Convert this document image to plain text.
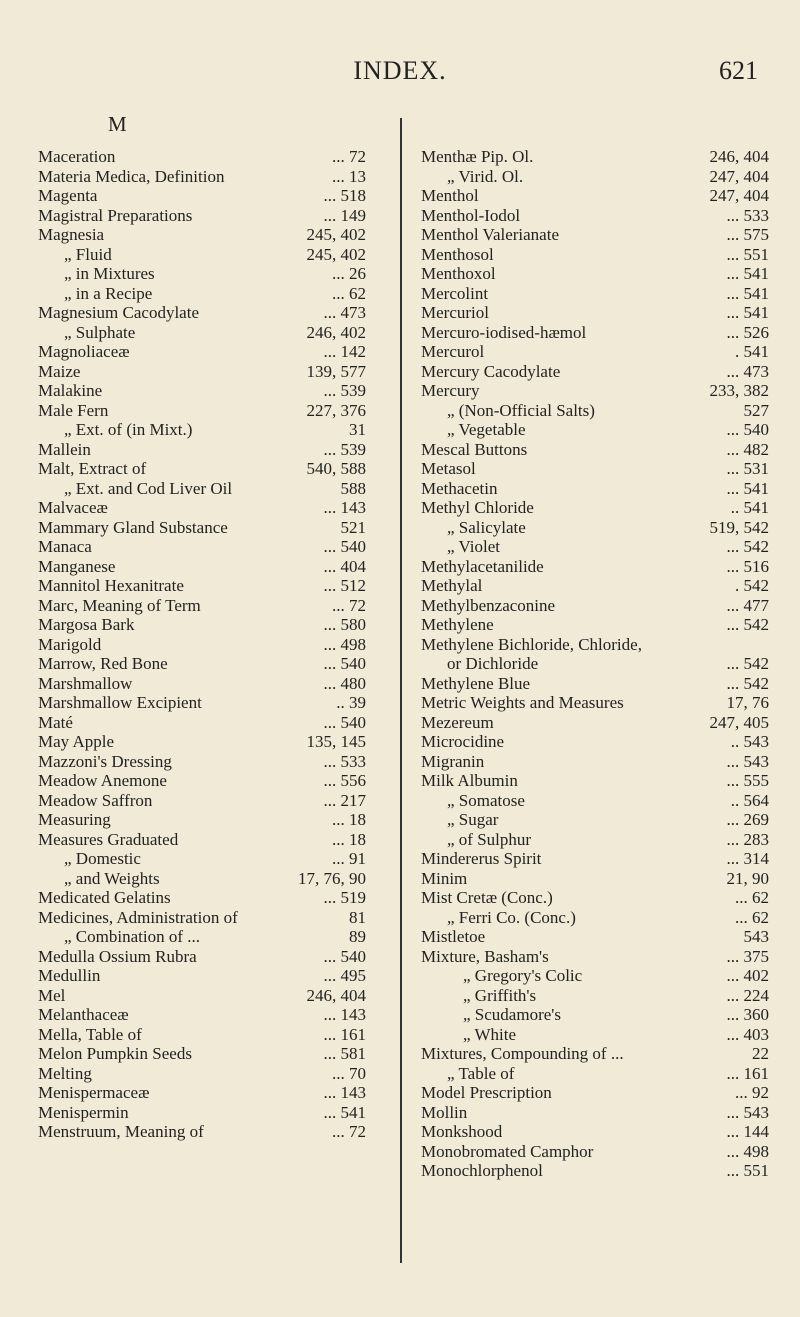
INDEX.	621
M
Maceration	... 72
Materia Medica, Definition	... 13
Magenta	... 518
Magistral Preparations	... 149
Magnesia	245, 402
„ Fluid	245, 402
„ in Mixtures	... 26
„ in a Recipe	... 62
Magnesium Cacodylate	... 473
„ Sulphate	246, 402
Magnoliaceæ	... 142
Maize	139, 577
Malakine	... 539
Male Fern	227, 376
„ Ext. of (in Mixt.)	31
Mallein	... 539
Malt, Extract of	540, 588
„ Ext. and Cod Liver Oil	588
Malvaceæ	... 143
Mammary Gland Substance	521
Manaca	... 540
Manganese	... 404
Mannitol Hexanitrate	... 512
Marc, Meaning of Term	... 72
Margosa Bark	... 580
Marigold	... 498
Marrow, Red Bone	... 540
Marshmallow	... 480
Marshmallow Excipient	.. 39
Maté	... 540
May Apple	135, 145
Mazzoni's Dressing	... 533
Meadow Anemone	... 556
Meadow Saffron	... 217
Measuring	... 18
Measures Graduated	... 18
„ Domestic	... 91
„ and Weights	17, 76, 90
Medicated Gelatins	... 519
Medicines, Administration of	81
„ Combination of ...	89
Medulla Ossium Rubra	... 540
Medullin	... 495
Mel	246, 404
Melanthaceæ	... 143
Mella, Table of	... 161
Melon Pumpkin Seeds	... 581
Melting	... 70
Menispermaceæ	... 143
Menispermin	... 541
Menstruum, Meaning of	... 72
Menthæ Pip. Ol.	246, 404
„ Virid. Ol.	247, 404
Menthol	247, 404
Menthol-Iodol	... 533
Menthol Valerianate	... 575
Menthosol	... 551
Menthoxol	... 541
Mercolint	... 541
Mercuriol	... 541
Mercuro-iodised-hæmol	... 526
Mercurol	. 541
Mercury Cacodylate	... 473
Mercury	233, 382
„ (Non-Official Salts)	527
„ Vegetable	... 540
Mescal Buttons	... 482
Metasol	... 531
Methacetin	... 541
Methyl Chloride	.. 541
„ Salicylate	519, 542
„ Violet	... 542
Methylacetanilide	... 516
Methylal	. 542
Methylbenzaconine	... 477
Methylene	... 542
Methylene Bichloride, Chloride,
or Dichloride	... 542
Methylene Blue	... 542
Metric Weights and Measures	17, 76
Mezereum	247, 405
Microcidine	.. 543
Migranin	... 543
Milk Albumin	... 555
„ Somatose	.. 564
„ Sugar	... 269
„ of Sulphur	... 283
Mindererus Spirit	... 314
Minim	21, 90
Mist Cretæ (Conc.)	... 62
„ Ferri Co. (Conc.)	... 62
Mistletoe	543
Mixture, Basham's	... 375
„ Gregory's Colic	... 402
„ Griffith's	... 224
„ Scudamore's	... 360
„ White	... 403
Mixtures, Compounding of ...	22
„ Table of	... 161
Model Prescription	... 92
Mollin	... 543
Monkshood	... 144
Monobromated Camphor	... 498
Monochlorphenol	... 551
